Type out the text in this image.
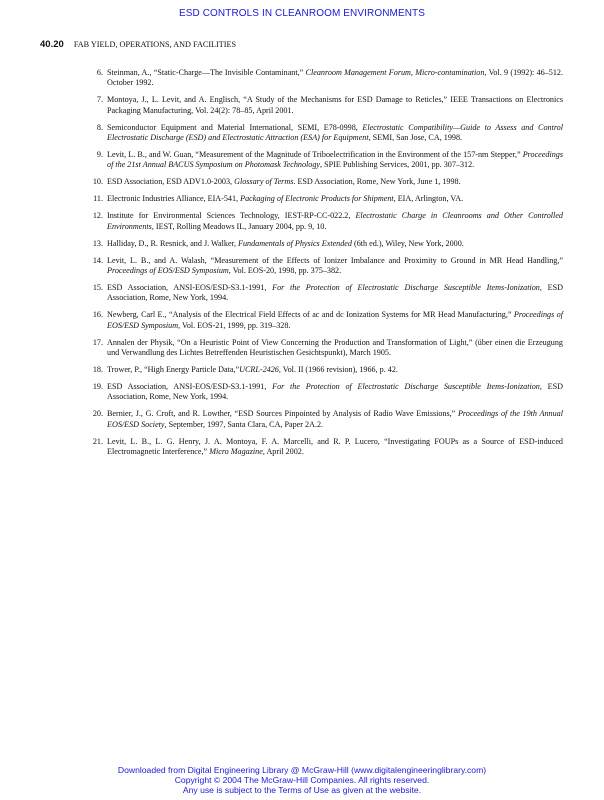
ESD CONTROLS IN CLEANROOM ENVIRONMENTS
40.20 FAB YIELD, OPERATIONS, AND FACILITIES
6. Steinman, A., “Static-Charge—The Invisible Contaminant,” Cleanroom Management Forum, Micro-contamination, Vol. 9 (1992): 46–512. October 1992.
7. Montoya, J., L. Levit, and A. Englisch, “A Study of the Mechanisms for ESD Damage to Reticles,” IEEE Transactions on Electronics Packaging Manufacturing, Vol. 24(2): 78–85, April 2001.
8. Semiconductor Equipment and Material International, SEMI, E78-0998, Electrostatic Compatibility—Guide to Assess and Control Electrostatic Discharge (ESD) and Electrostatic Attraction (ESA) for Equipment, SEMI, San Jose, CA, 1998.
9. Levit, L. B., and W. Guan, “Measurement of the Magnitude of Triboelectrification in the Environment of the 157-nm Stepper,” Proceedings of the 21st Annual BACUS Symposium on Photomask Technology, SPIE Publishing Services, 2001, pp. 307–312.
10. ESD Association, ESD ADV1.0-2003, Glossary of Terms. ESD Association, Rome, New York, June 1, 1998.
11. Electronic Industries Alliance, EIA-541, Packaging of Electronic Products for Shipment, EIA, Arlington, VA.
12. Institute for Environmental Sciences Technology, IEST-RP-CC-022.2, Electrostatic Charge in Cleanrooms and Other Controlled Environments, IEST, Rolling Meadows IL, January 2004, pp. 9, 10.
13. Halliday, D., R. Resnick, and J. Walker, Fundamentals of Physics Extended (6th ed.), Wiley, New York, 2000.
14. Levit, L. B., and A. Walash, “Measurement of the Effects of Ionizer Imbalance and Proximity to Ground in MR Head Handling,” Proceedings of EOS/ESD Symposium, Vol. EOS-20, 1998, pp. 375–382.
15. ESD Association, ANSI-EOS/ESD-S3.1-1991, For the Protection of Electrostatic Discharge Susceptible Items-Ionization, ESD Association, Rome, New York, 1994.
16. Newberg, Carl E., “Analysis of the Electrical Field Effects of ac and dc Ionization Systems for MR Head Manufacturing,” Proceedings of EOS/ESD Symposium, Vol. EOS-21, 1999, pp. 319–328.
17. Annalen der Physik, “On a Heuristic Point of View Concerning the Production and Transformation of Light,” (über einen die Erzeugung und Verwandlung des Lichtes Betreffenden Heuristischen Gesichtspunkt), March 1905.
18. Trower, P., “High Energy Particle Data,”UCRL-2426, Vol. II (1966 revision), 1966, p. 42.
19. ESD Association, ANSI-EOS/ESD-S3.1-1991, For the Protection of Electrostatic Discharge Susceptible Items-Ionization, ESD Association, Rome, New York, 1994.
20. Bernier, J., G. Croft, and R. Lowther, “ESD Sources Pinpointed by Analysis of Radio Wave Emissions,” Proceedings of the 19th Annual EOS/ESD Society, September, 1997, Santa Clara, CA, Paper 2A.2.
21. Levit, L. B., L. G. Henry, J. A. Montoya, F. A. Marcelli, and R. P. Lucero, “Investigating FOUPs as a Source of ESD-induced Electromagnetic Interference,” Micro Magazine, April 2002.
Downloaded from Digital Engineering Library @ McGraw-Hill (www.digitalengineeringlibrary.com)
Copyright © 2004 The McGraw-Hill Companies. All rights reserved.
Any use is subject to the Terms of Use as given at the website.
